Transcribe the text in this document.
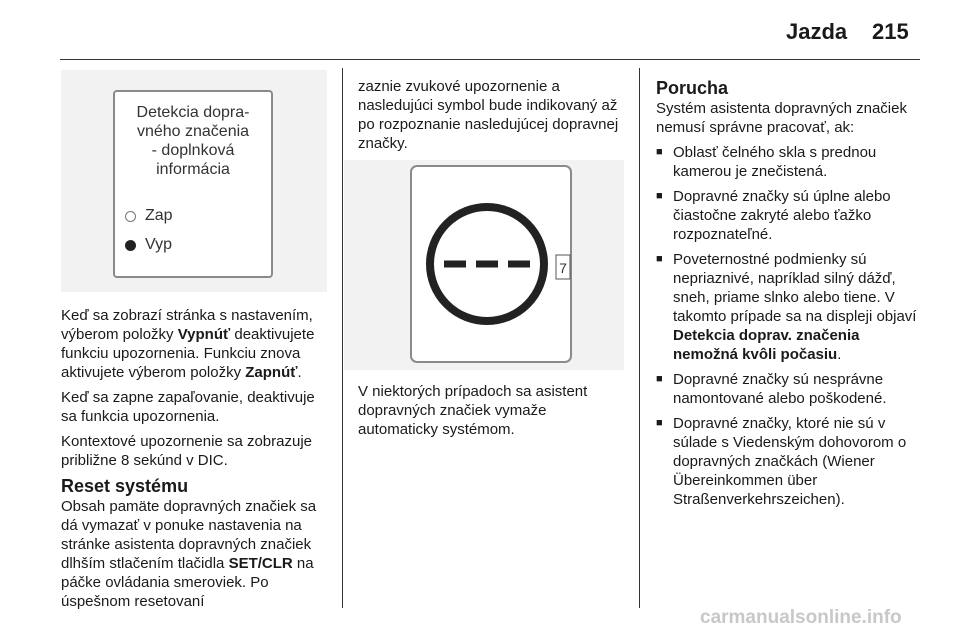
Jazda 215
Detekcia dopra-
vného značenia
- doplnková
informácia
Zap
Vyp

Keď sa zobrazí stránka s nastavením, výberom položky Vypnúť deaktivujete funkciu upozornenia. Funkciu znova aktivujete výberom položky Zapnúť.

Keď sa zapne zapaľovanie, deaktivuje sa funkcia upozornenia.

Kontextové upozornenie sa zobrazuje približne 8 sekúnd v DIC.

Reset systému

Obsah pamäte dopravných značiek sa dá vymazať v ponuke nastavenia na stránke asistenta dopravných značiek dlhším stlačením tlačidla SET/CLR na páčke ovládania smeroviek. Po úspešnom resetovaní

zaznie zvukové upozornenie a nasledujúci symbol bude indikovaný až po rozpoznanie nasledujúcej dopravnej značky.

7

V niektorých prípadoch sa asistent dopravných značiek vymaže automaticky systémom.

Porucha

Systém asistenta dopravných značiek nemusí správne pracovať, ak:

■ Oblasť čelného skla s prednou kamerou je znečistená.
■ Dopravné značky sú úplne alebo čiastočne zakryté alebo ťažko rozpoznateľné.
■ Poveternostné podmienky sú nepriaznivé, napríklad silný dážď, sneh, priame slnko alebo tiene. V takomto prípade sa na displeji objaví Detekcia doprav. značenia nemožná kvôli počasiu.
■ Dopravné značky sú nesprávne namontované alebo poškodené.
■ Dopravné značky, ktoré nie sú v súlade s Viedenským dohovorom o dopravných značkách (Wiener Übereinkommen über Straßenverkehrszeichen).
carmanualsonline.info
